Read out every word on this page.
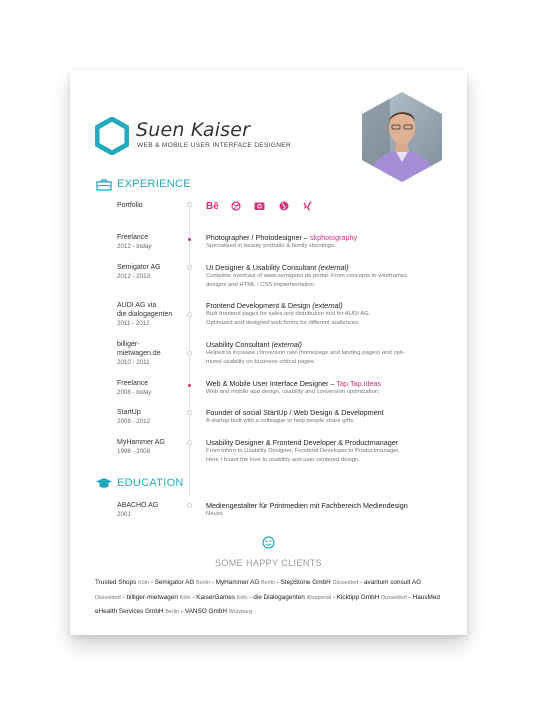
Suen Kaiser
WEB & MOBILE USER INTERFACE DESIGNER
EXPERIENCE
Portfolio	Bē
Freelance
2012 - today
Photographer / Photodesigner – skphotography
Specialised in beauty portraits & family shootings.
Semigator AG
2012 - 2013
UI Designer & Usability Consultant (external)
Complete overhaul of www.semigator.de portal. From concepts to wireframes,
designs and HTML / CSS implementation.
AUDI AG via
die dialogagenten
2011 - 2012
Frontend Development & Design (external)
Built frontend pages for sales and distribution tool for AUDI AG.
Optimized and designed web forms for different audiences.
billiger-
mietwagen.de
2010 - 2011
Usability Consultant (external)
Helped to increase conversion rate (homepage and landing pages) and opti-
mized usability on business critical pages.
Freelance
2008 - today
Web & Mobile User Interface Designer – Tap.Tap.Ideas
Web and mobile app design, usability and conversion optimization.
StartUp
2008 - 2012
Founder of social StartUp / Web Design & Development
A startup built with a colleague to help people share gifts.
MyHammer AG
1998 - 2008
Usability Designer & Frontend Developer & Productmanager
From intern to Usability Designer, Frontend Developer to Productmanager.
Here I found the love to usability and user centered design.
EDUCATION
ABACHO AG
2001
Mediengestalter für Printmedien mit Fachbereich Mediendesign
Neuss
SOME HAPPY CLIENTS
Trusted Shops Köln - Semigator AG Berlin - MyHammer AG Berlin - StepStone GmbH Düsseldorf - avantum consult AG Düsseldorf - billiger-mietwagen Köln - KaiserGames Köln - die Dialogagenten Wuppertal - Kicktipp GmbH Düsseldorf - HausMed eHealth Services GmbH Berlin - VANSO GmbH Würzburg
